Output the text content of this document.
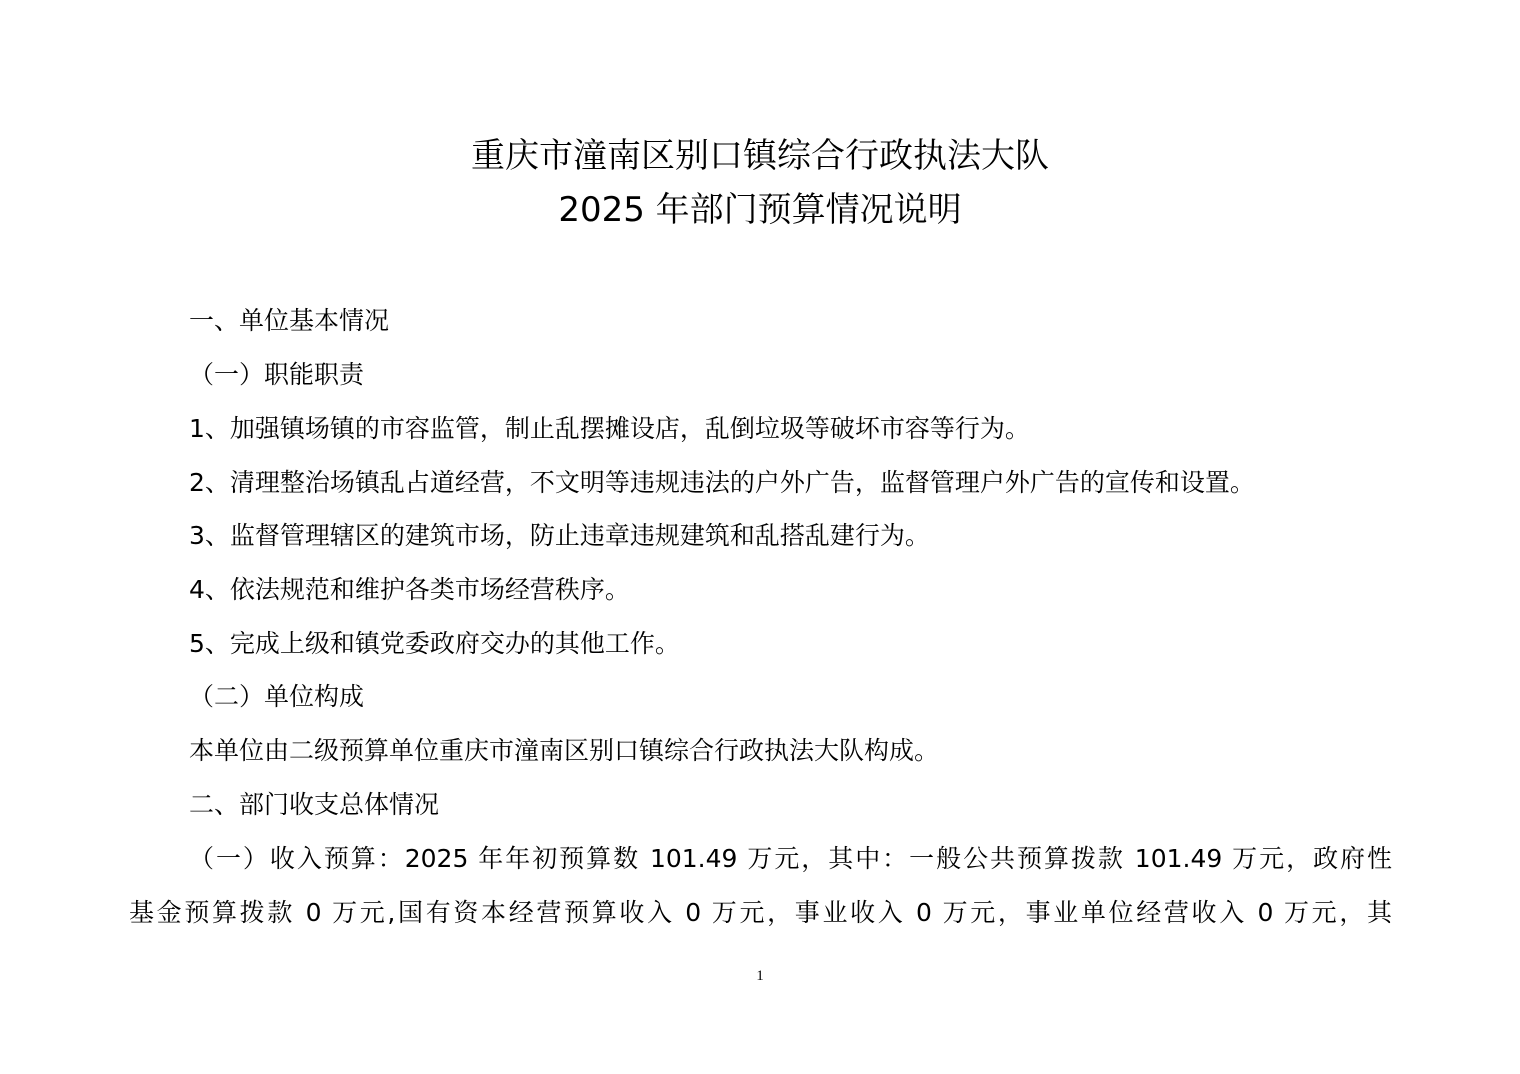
重庆市潼南区别口镇综合行政执法大队
2025 年部门预算情况说明
一、单位基本情况
（一）职能职责
1、加强镇场镇的市容监管，制止乱摆摊设店，乱倒垃圾等破坏市容等行为。
2、清理整治场镇乱占道经营，不文明等违规违法的户外广告，监督管理户外广告的宣传和设置。
3、监督管理辖区的建筑市场，防止违章违规建筑和乱搭乱建行为。
4、依法规范和维护各类市场经营秩序。
5、完成上级和镇党委政府交办的其他工作。
（二）单位构成
本单位由二级预算单位重庆市潼南区别口镇综合行政执法大队构成。
二、部门收支总体情况
（一）收入预算：2025 年年初预算数 101.49 万元，其中：一般公共预算拨款 101.49 万元，政府性
基金预算拨款 0 万元,国有资本经营预算收入 0 万元，事业收入 0 万元，事业单位经营收入 0 万元，其
1
